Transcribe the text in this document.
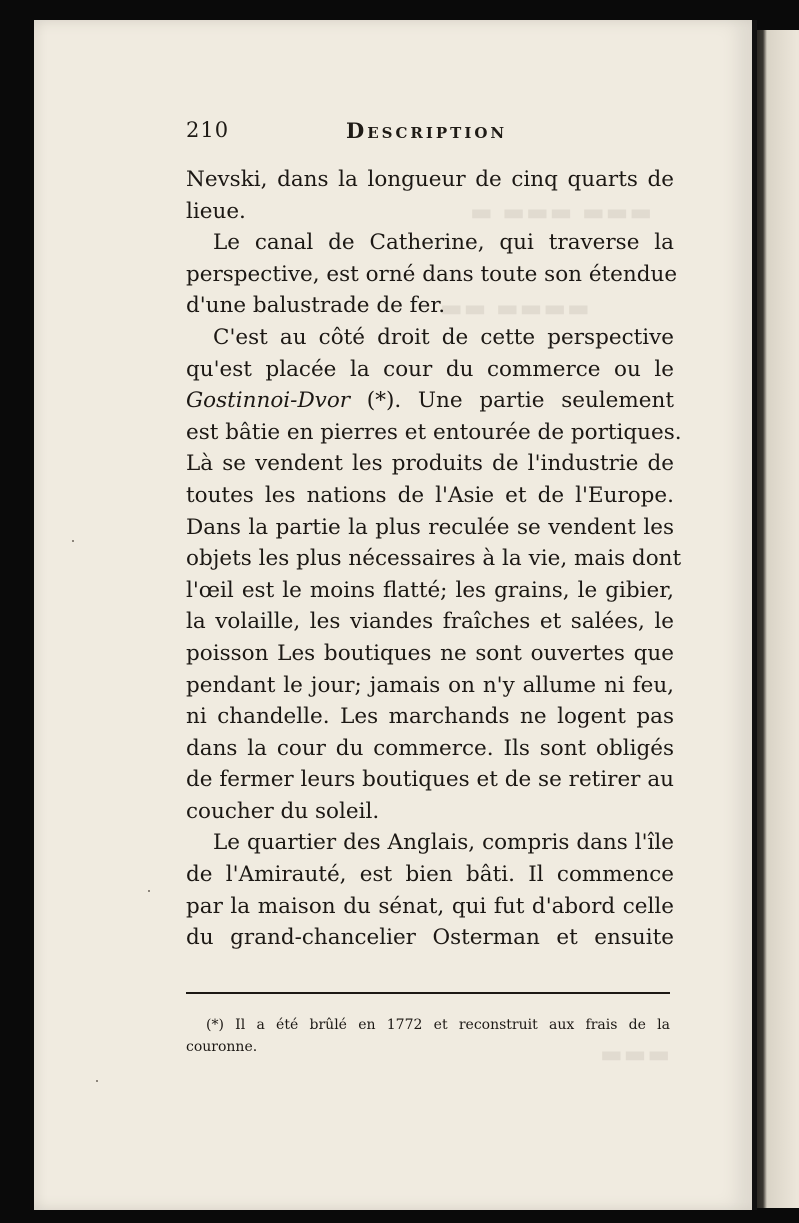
▬ ▬▬▬ ▬▬▬
▬▬ ▬▬▬▬
▬▬▬
210	Description
Nevski, dans la longueur de cinq quarts de
lieue.
Le canal de Catherine, qui traverse la
perspective, est orné dans toute son étendue
d'une balustrade de fer.
C'est au côté droit de cette perspective
qu'est placée la cour du commerce ou le
Gostinnoi-Dvor (*). Une partie seulement
est bâtie en pierres et entourée de portiques.
Là se vendent les produits de l'industrie de
toutes les nations de l'Asie et de l'Europe.
Dans la partie la plus reculée se vendent les
objets les plus nécessaires à la vie, mais dont
l'œil est le moins flatté; les grains, le gibier,
la volaille, les viandes fraîches et salées, le
poisson Les boutiques ne sont ouvertes que
pendant le jour; jamais on n'y allume ni feu,
ni chandelle. Les marchands ne logent pas
dans la cour du commerce. Ils sont obligés
de fermer leurs boutiques et de se retirer au
coucher du soleil.
Le quartier des Anglais, compris dans l'île
de l'Amirauté, est bien bâti. Il commence
par la maison du sénat, qui fut d'abord celle
du grand-chancelier Osterman et ensuite
(*) Il a été brûlé en 1772 et reconstruit aux frais de la
couronne.
